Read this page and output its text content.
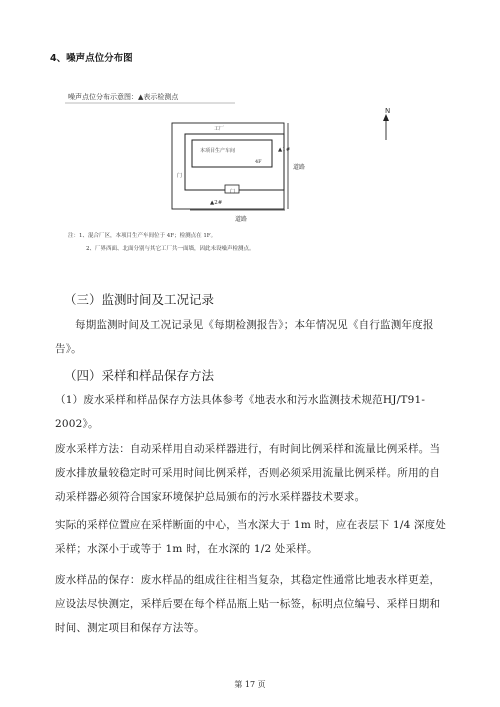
4、噪声点位分布图
噪声点位分布示意图：▲表示检测点
N
工厂
本项目生产车间
4F
▲1#
道路
门
门
▲2#
道路
注：1、混合厂区，本项目生产车间位于 4F；检测点在 1F。
2、厂界西面、北面分别与其它工厂共一面墙，因此未设噪声检测点。
（三）监测时间及工况记录
每期监测时间及工况记录见《每期检测报告》；本年情况见《自行监测年度报告》。
（四）采样和样品保存方法
（1）废水采样和样品保存方法具体参考《地表水和污水监测技术规范HJ/T91-2002》。
废水采样方法：自动采样用自动采样器进行，有时间比例采样和流量比例采样。当废水排放量较稳定时可采用时间比例采样，否则必须采用流量比例采样。所用的自动采样器必须符合国家环境保护总局颁布的污水采样器技术要求。
实际的采样位置应在采样断面的中心，当水深大于 1m 时，应在表层下 1/4 深度处采样；水深小于或等于 1m 时，在水深的 1/2 处采样。
废水样品的保存：废水样品的组成往往相当复杂，其稳定性通常比地表水样更差，应设法尽快测定，采样后要在每个样品瓶上贴一标签，标明点位编号、采样日期和时间、测定项目和保存方法等。
第 17 页
